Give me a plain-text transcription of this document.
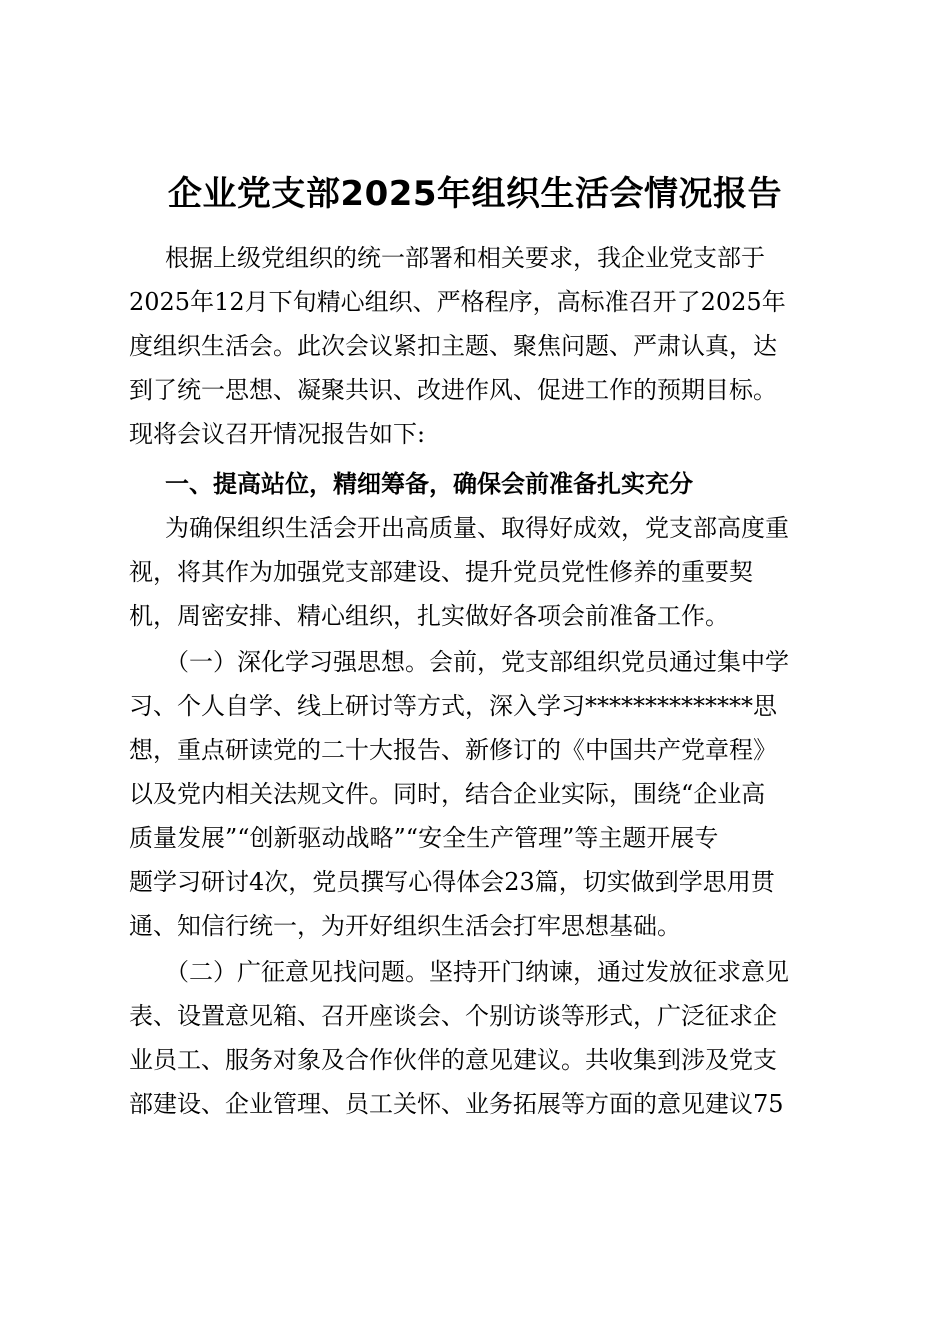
企业党支部2025年组织生活会情况报告
根据上级党组织的统一部署和相关要求，我企业党支部于
2025年12月下旬精心组织、严格程序，高标准召开了2025年
度组织生活会。此次会议紧扣主题、聚焦问题、严肃认真，达
到了统一思想、凝聚共识、改进作风、促进工作的预期目标。
现将会议召开情况报告如下:
一、提高站位，精细筹备，确保会前准备扎实充分
为确保组织生活会开出高质量、取得好成效，党支部高度重
视，将其作为加强党支部建设、提升党员党性修养的重要契
机，周密安排、精心组织，扎实做好各项会前准备工作。
（一）深化学习强思想。会前，党支部组织党员通过集中学
习、个人自学、线上研讨等方式，深入学习**************思
想，重点研读党的二十大报告、新修订的《中国共产党章程》
以及党内相关法规文件。同时，结合企业实际，围绕“企业高
质量发展”“创新驱动战略”“安全生产管理”等主题开展专
题学习研讨4次，党员撰写心得体会23篇，切实做到学思用贯
通、知信行统一，为开好组织生活会打牢思想基础。
（二）广征意见找问题。坚持开门纳谏，通过发放征求意见
表、设置意见箱、召开座谈会、个别访谈等形式，广泛征求企
业员工、服务对象及合作伙伴的意见建议。共收集到涉及党支
部建设、企业管理、员工关怀、业务拓展等方面的意见建议75
